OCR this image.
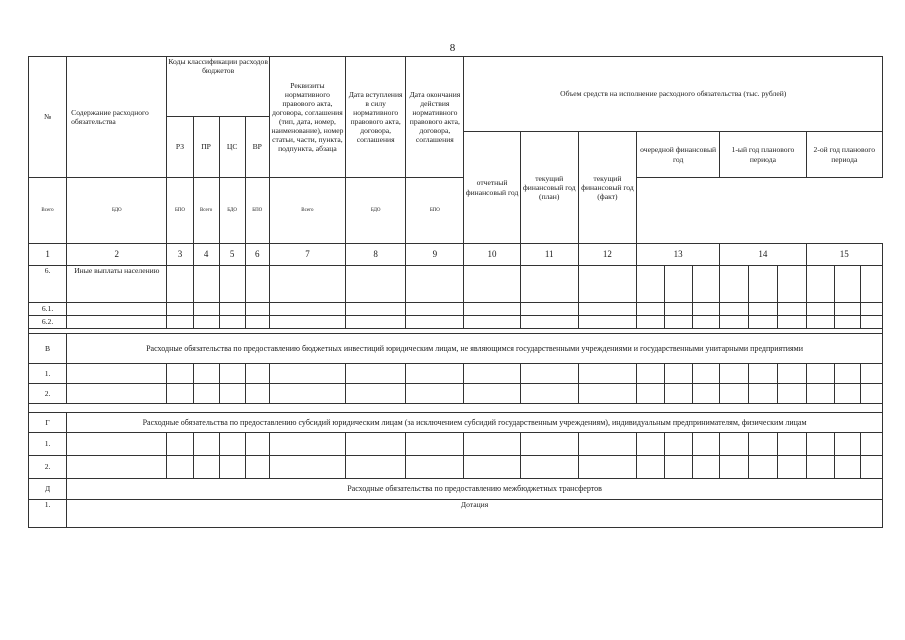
8
№	Содержание расходного обязательства	Коды классификации расходов бюджетов				Реквизиты нормативного правового акта, договора, соглашения (тип, дата, номер, наименование), номер статьи, части, пункта, подпункта, абзаца	Дата вступления в силу нормативного правового акта, договора, соглашения	Дата окончания действия нормативного правового акта, договора, соглашения	Объем средств на исполнение расходного обязательства (тыс. рублей)											
		РЗ	ПР	ЦС	ВР															
									отчетный финансовый год	текущий финансовый год (план)	текущий финансовый год (факт)	очередной финансовый год			1-ый год планового периода			2-ой год планового периода		
Всего	БДО	БПО	Всего	БДО	БПО	Всего	БДО	БПО												
1	2	3	4	5	6	7	8	9	10	11	12	13			14			15		
6.	Иные выплаты населению																			
6.1.																				
6.2.																				

В	Расходные обязательства по предоставлению бюджетных инвестиций юридическим лицам, не являющимся государственными учреждениями и государственными унитарными предприятиями																			
1.																				
2.																				

Г	Расходные обязательства по предоставлению субсидий юридическим лицам (за исключением субсидий государственным учреждениям), индивидуальным предпринимателям, физическим лицам																			
1.																				
2.																				
Д	Расходные обязательства по предоставлению межбюджетных трансфертов																			
1.	Дотация																			
